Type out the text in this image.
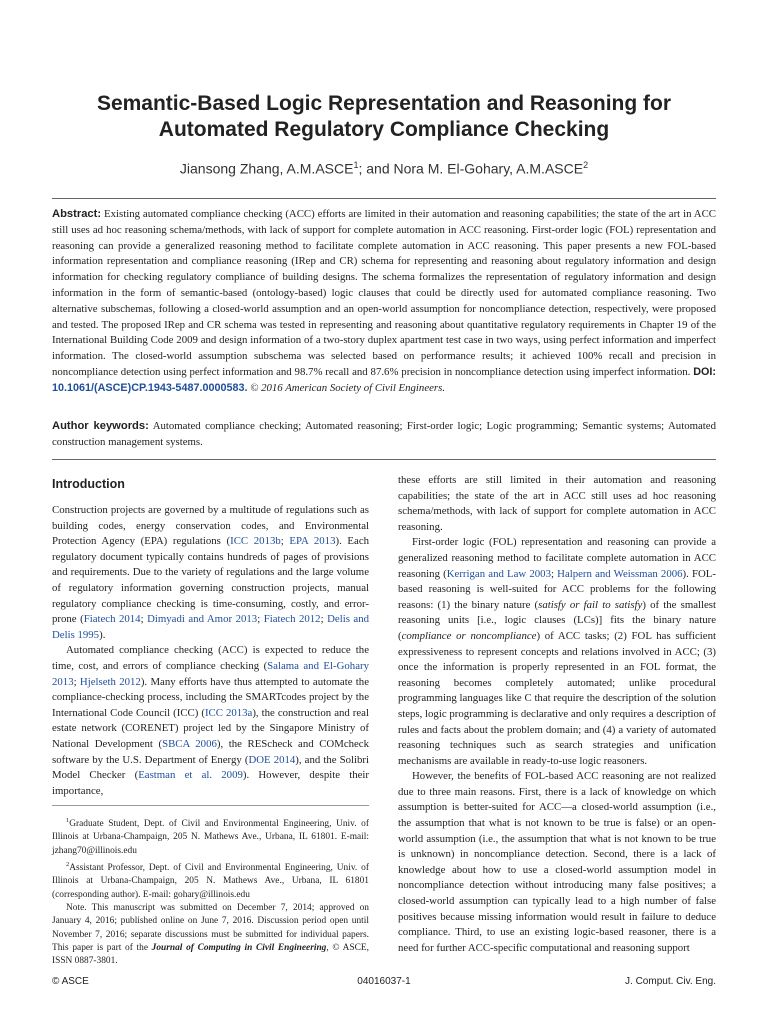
Semantic-Based Logic Representation and Reasoning for Automated Regulatory Compliance Checking
Jiansong Zhang, A.M.ASCE$^1$; and Nora M. El-Gohary, A.M.ASCE$^2$
Abstract: Existing automated compliance checking (ACC) efforts are limited in their automation and reasoning capabilities; the state of the art in ACC still uses ad hoc reasoning schema/methods, with lack of support for complete automation in ACC reasoning. First-order logic (FOL) representation and reasoning can provide a generalized reasoning method to facilitate complete automation in ACC reasoning. This paper presents a new FOL-based information representation and compliance reasoning (IRep and CR) schema for representing and reasoning about regulatory information and design information for checking regulatory compliance of building designs. The schema formalizes the representation of regulatory information and design information in the form of semantic-based (ontology-based) logic clauses that could be directly used for automated compliance reasoning. Two alternative subschemas, following a closed-world assumption and an open-world assumption for noncompliance detection, respectively, were proposed and tested. The proposed IRep and CR schema was tested in representing and reasoning about quantitative regulatory requirements in Chapter 19 of the International Building Code 2009 and design information of a two-story duplex apartment test case in two ways, using perfect information and imperfect information. The closed-world assumption subschema was selected based on performance results; it achieved 100% recall and precision in noncompliance detection using perfect information and 98.7% recall and 87.6% precision in noncompliance detection using imperfect information. DOI: 10.1061/(ASCE)CP.1943-5487.0000583. © 2016 American Society of Civil Engineers.
Author keywords: Automated compliance checking; Automated reasoning; First-order logic; Logic programming; Semantic systems; Automated construction management systems.
Introduction

Construction projects are governed by a multitude of regulations such as building codes, energy conservation codes, and Environmental Protection Agency (EPA) regulations (ICC 2013b; EPA 2013). Each regulatory document typically contains hundreds of pages of provisions and requirements. Due to the variety of regulations and the large volume of regulatory information governing construction projects, manual regulatory compliance checking is time-consuming, costly, and error-prone (Fiatech 2014; Dimyadi and Amor 2013; Fiatech 2012; Delis and Delis 1995).

Automated compliance checking (ACC) is expected to reduce the time, cost, and errors of compliance checking (Salama and El-Gohary 2013; Hjelseth 2012). Many efforts have thus attempted to automate the compliance-checking process, including the SMARTcodes project by the International Code Council (ICC) (ICC 2013a), the construction and real estate network (CORENET) project led by the Singapore Ministry of National Development (SBCA 2006), the REScheck and COMcheck software by the U.S. Department of Energy (DOE 2014), and the Solibri Model Checker (Eastman et al. 2009). However, despite their importance,

these efforts are still limited in their automation and reasoning capabilities; the state of the art in ACC still uses ad hoc reasoning schema/methods, with lack of support for complete automation in ACC reasoning.

First-order logic (FOL) representation and reasoning can provide a generalized reasoning method to facilitate complete automation in ACC reasoning (Kerrigan and Law 2003; Halpern and Weissman 2006). FOL-based reasoning is well-suited for ACC problems for the following reasons: (1) the binary nature (satisfy or fail to satisfy) of the smallest reasoning units [i.e., logic clauses (LCs)] fits the binary nature (compliance or noncompliance) of ACC tasks; (2) FOL has sufficient expressiveness to represent concepts and relations involved in ACC; (3) once the information is properly represented in an FOL format, the reasoning becomes completely automated; unlike procedural programming languages like C that require the description of the solution steps, logic programming is declarative and only requires a description of rules and facts about the problem domain; and (4) a variety of automated reasoning techniques such as search strategies and unification mechanisms are available in ready-to-use logic reasoners.

However, the benefits of FOL-based ACC reasoning are not realized due to three main reasons. First, there is a lack of knowledge on which assumption is better-suited for ACC—a closed-world assumption (i.e., the assumption that what is not known to be true is false) or an open-world assumption (i.e., the assumption that what is not known to be true is unknown) in noncompliance detection. Second, there is a lack of knowledge about how to use a closed-world assumption model in noncompliance detection without introducing many false positives; a closed-world assumption can typically lead to a high number of false positives because missing information would result in failure to deduce compliance. Third, to use an existing logic-based reasoner, there is a need for further ACC-specific computational and reasoning support

$^1$Graduate Student, Dept. of Civil and Environmental Engineering, Univ. of Illinois at Urbana-Champaign, 205 N. Mathews Ave., Urbana, IL 61801. E-mail: jzhang70@illinois.edu

$^2$Assistant Professor, Dept. of Civil and Environmental Engineering, Univ. of Illinois at Urbana-Champaign, 205 N. Mathews Ave., Urbana, IL 61801 (corresponding author). E-mail: gohary@illinois.edu

Note. This manuscript was submitted on December 7, 2014; approved on January 4, 2016; published online on June 7, 2016. Discussion period open until November 7, 2016; separate discussions must be submitted for individual papers. This paper is part of the Journal of Computing in Civil Engineering, © ASCE, ISSN 0887-3801.

© ASCE	04016037-1	J. Comput. Civ. Eng.
